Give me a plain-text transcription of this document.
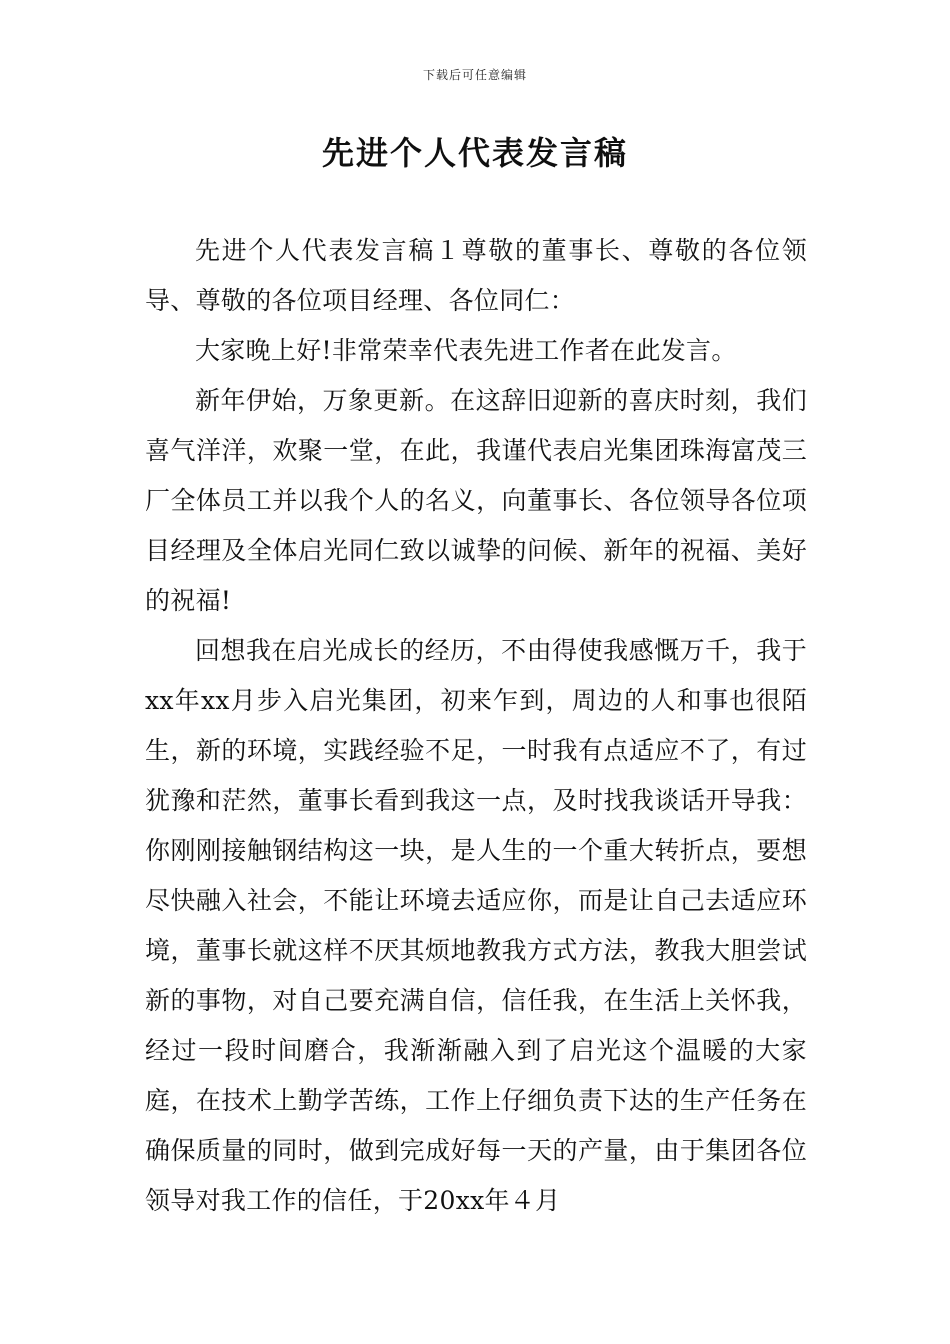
下载后可任意编辑
先进个人代表发言稿

先进个人代表发言稿１尊敬的董事长、尊敬的各位领导、尊敬的各位项目经理、各位同仁：

大家晚上好!非常荣幸代表先进工作者在此发言。

新年伊始，万象更新。在这辞旧迎新的喜庆时刻，我们喜气洋洋，欢聚一堂，在此，我谨代表启光集团珠海富茂三厂全体员工并以我个人的名义，向董事长、各位领导各位项目经理及全体启光同仁致以诚挚的问候、新年的祝福、美好的祝福!

回想我在启光成长的经历，不由得使我感慨万千，我于xx年xx月步入启光集团，初来乍到，周边的人和事也很陌生，新的环境，实践经验不足，一时我有点适应不了，有过犹豫和茫然，董事长看到我这一点，及时找我谈话开导我：你刚刚接触钢结构这一块，是人生的一个重大转折点，要想尽快融入社会，不能让环境去适应你，而是让自己去适应环境，董事长就这样不厌其烦地教我方式方法，教我大胆尝试新的事物，对自己要充满自信，信任我，在生活上关怀我，经过一段时间磨合，我渐渐融入到了启光这个温暖的大家庭，在技术上勤学苦练，工作上仔细负责下达的生产任务在确保质量的同时，做到完成好每一天的产量，由于集团各位领导对我工作的信任，于20xx年４月
